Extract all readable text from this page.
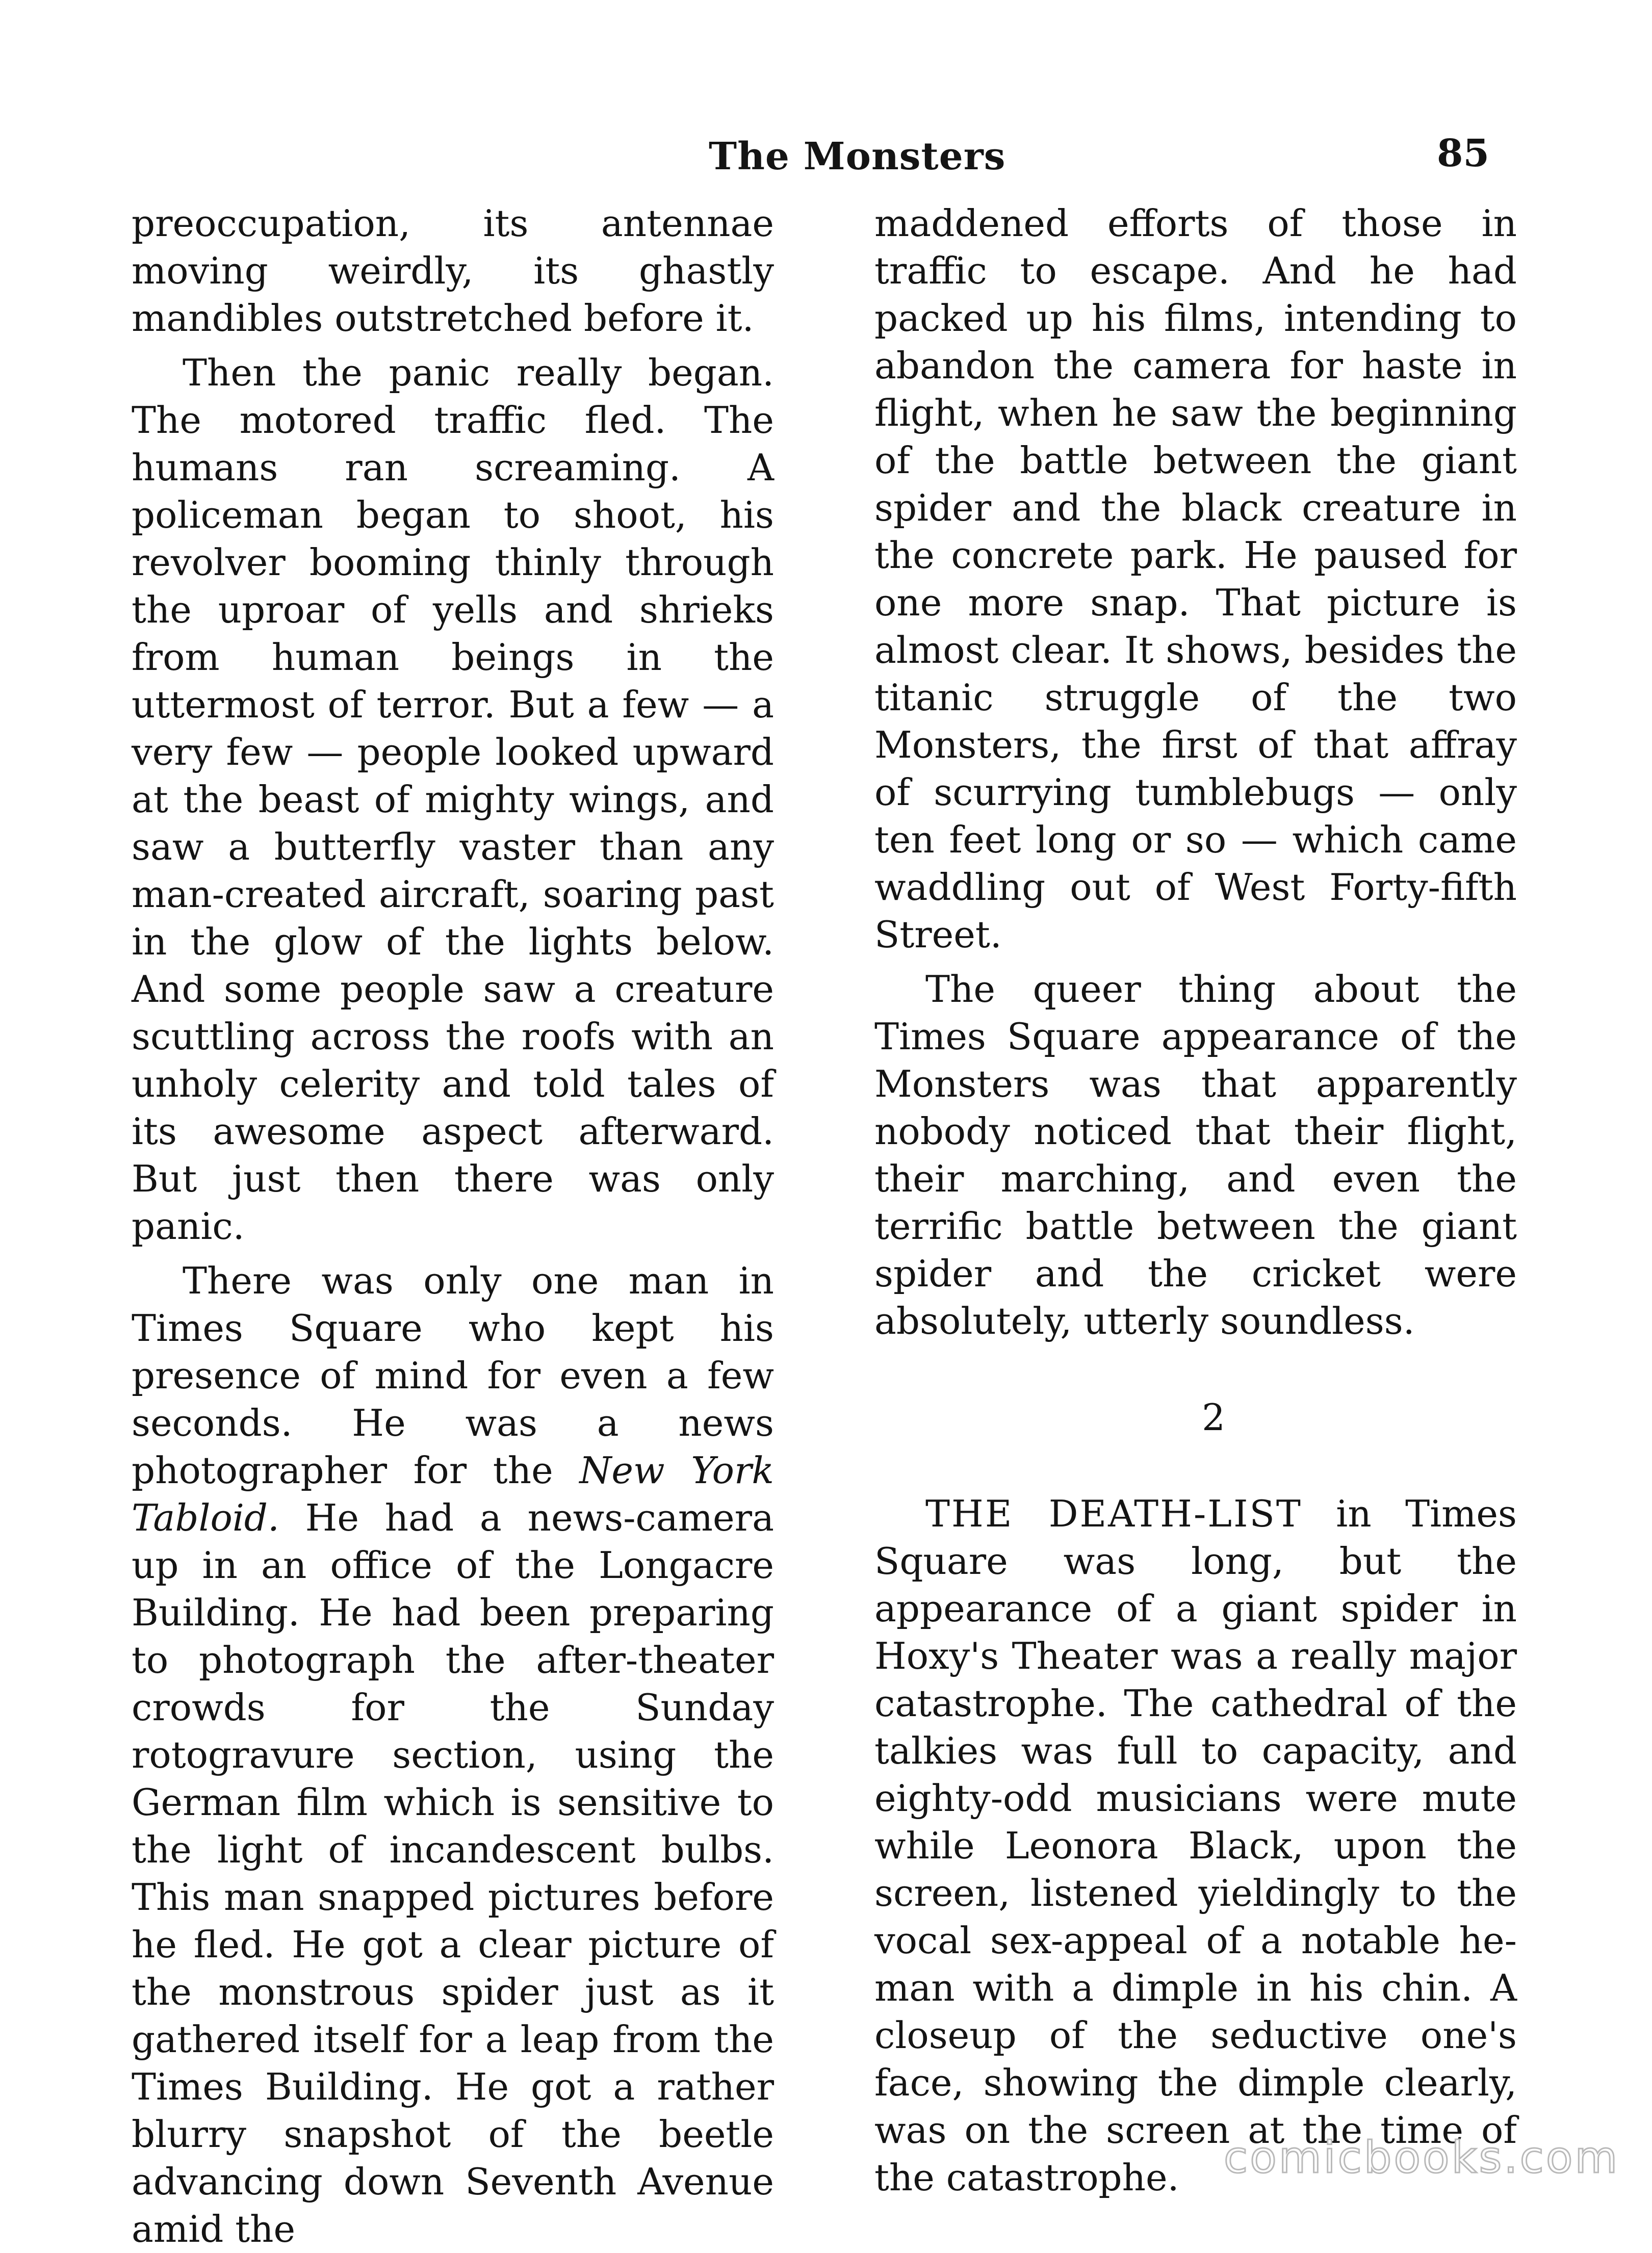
The Monsters	85

preoccupation, its antennae moving weirdly, its ghastly mandibles outstretched before it.

Then the panic really began. The motored traffic fled. The humans ran screaming. A policeman began to shoot, his revolver booming thinly through the uproar of yells and shrieks from human beings in the uttermost of terror. But a few — a very few — people looked upward at the beast of mighty wings, and saw a butterfly vaster than any man-created aircraft, soaring past in the glow of the lights below. And some people saw a creature scuttling across the roofs with an unholy celerity and told tales of its awesome aspect afterward. But just then there was only panic.

There was only one man in Times Square who kept his presence of mind for even a few seconds. He was a news photographer for the New York Tabloid. He had a news-camera up in an office of the Longacre Building. He had been preparing to photograph the after-theater crowds for the Sunday rotogravure section, using the German film which is sensitive to the light of incandescent bulbs. This man snapped pictures before he fled. He got a clear picture of the monstrous spider just as it gathered itself for a leap from the Times Building. He got a rather blurry snapshot of the beetle advancing down Seventh Avenue amid the

maddened efforts of those in traffic to escape. And he had packed up his films, intending to abandon the camera for haste in flight, when he saw the beginning of the battle between the giant spider and the black creature in the concrete park. He paused for one more snap. That picture is almost clear. It shows, besides the titanic struggle of the two Monsters, the first of that affray of scurrying tumblebugs — only ten feet long or so — which came waddling out of West Forty-fifth Street.

The queer thing about the Times Square appearance of the Monsters was that apparently nobody noticed that their flight, their marching, and even the terrific battle between the giant spider and the cricket were absolutely, utterly soundless.

2

THE DEATH-LIST in Times Square was long, but the appearance of a giant spider in Hoxy's Theater was a really major catastrophe. The cathedral of the talkies was full to capacity, and eighty-odd musicians were mute while Leonora Black, upon the screen, listened yieldingly to the vocal sex-appeal of a notable he-man with a dimple in his chin. A closeup of the seductive one's face, showing the dimple clearly, was on the screen at the time of the catastrophe.	comicbooks.com
